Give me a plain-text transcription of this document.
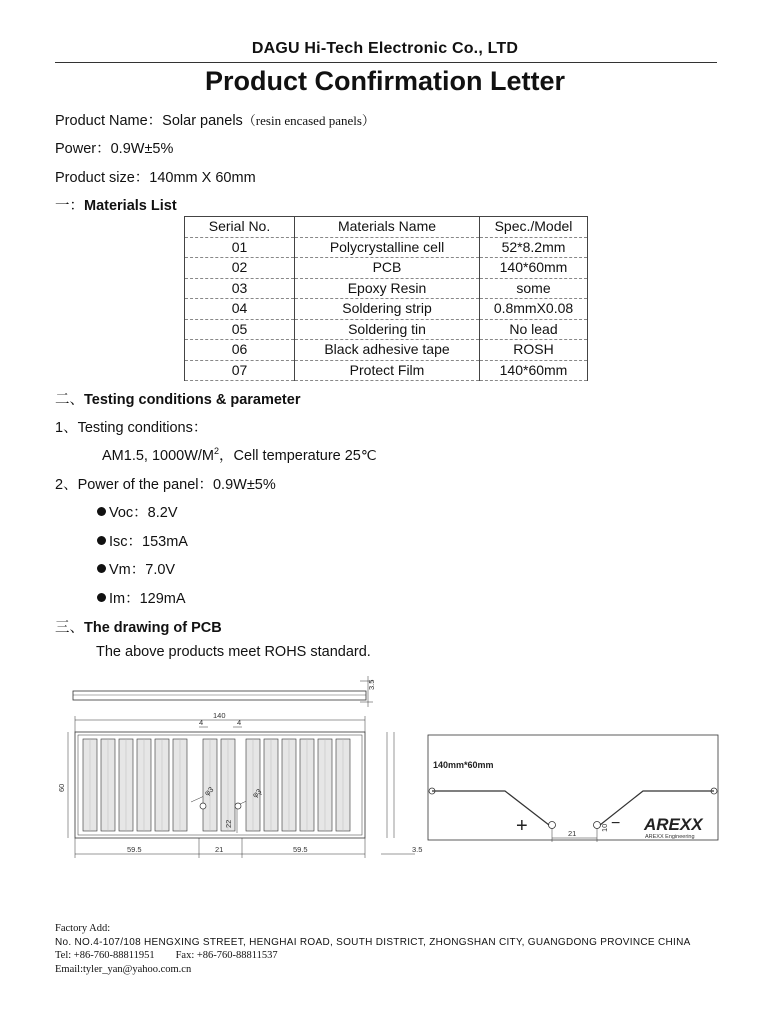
DAGU Hi-Tech Electronic Co., LTD
Product Confirmation Letter
Product Name：Solar panels（resin encased panels）
Power：0.9W±5%
Product size：140mm X 60mm
一：Materials List
Serial No.	Materials Name	Spec./Model
01	Polycrystalline cell	52*8.2mm
02	PCB	140*60mm
03	Epoxy Resin	some
04	Soldering strip	0.8mmX0.08
05	Soldering tin	No lead
06	Black adhesive tape	ROSH
07	Protect Film	140*60mm
二、Testing conditions & parameter
1、Testing conditions：
AM1.5, $1000W/M^2$，Cell temperature 25℃
2、Power of the panel：0.9W±5%
Voc：8.2V
Isc：153mA
Vm：7.0V
Im：129mA
三、The drawing of PCB
The above products meet ROHS standard.
3.5
140
60
4	4
φ3	φ3
22
59.5	21	59.5	3.5
21
10
140mm*60mm
+	− AREXX
AREXX Engineering
Factory Add:
No. NO.4-107/108 HENGXING STREET, HENGHAI ROAD, SOUTH DISTRICT, ZHONGSHAN CITY, GUANGDONG PROVINCE CHINA
Tel: +86-760-88811951 Fax: +86-760-88811537
Email:tyler_yan@yahoo.com.cn
